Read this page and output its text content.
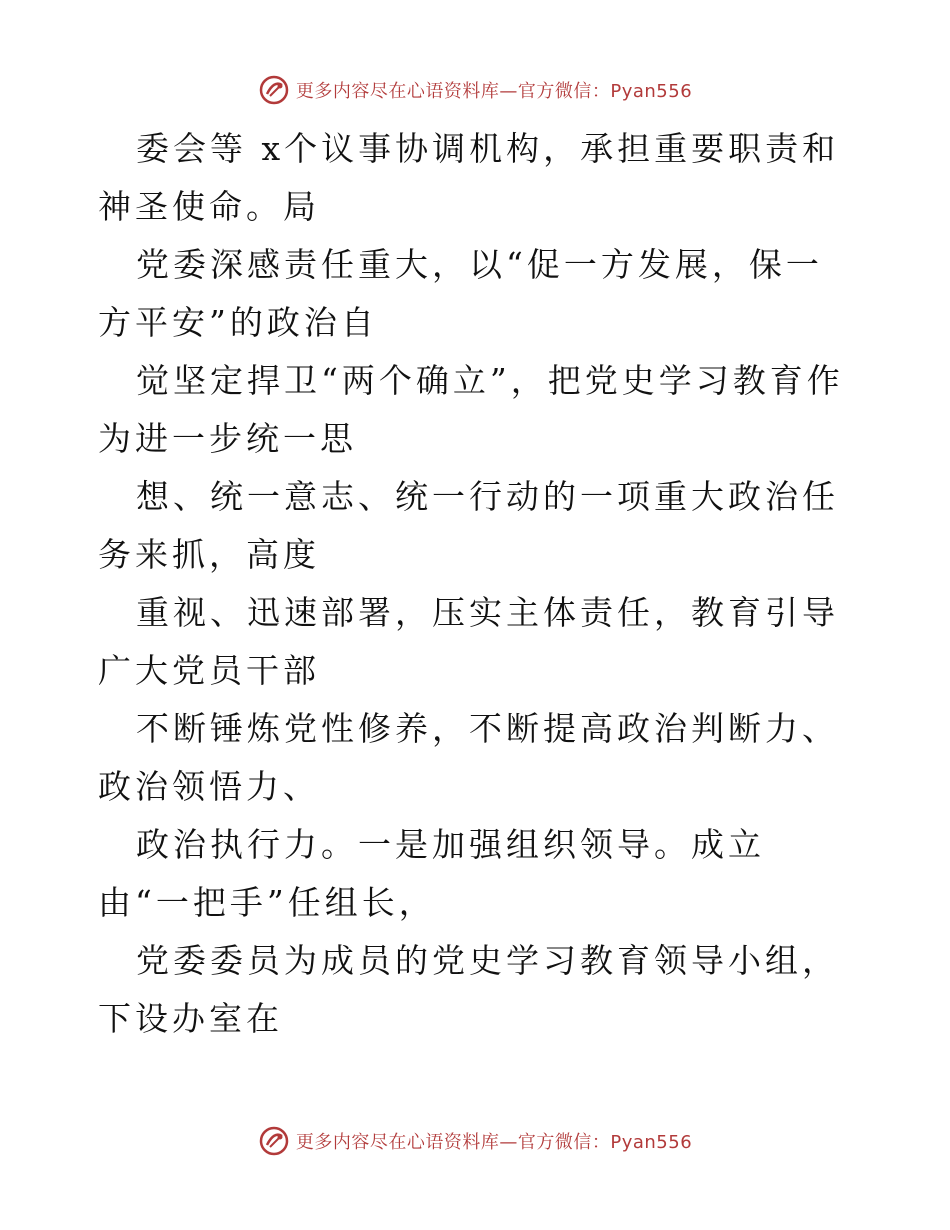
更多内容尽在心语资料库—官方微信：Pyan556

委会等 x个议事协调机构，承担重要职责和神圣使命。局

党委深感责任重大，以“促一方发展，保一方平安”的政治自

觉坚定捍卫“两个确立”，把党史学习教育作为进一步统一思

想、统一意志、统一行动的一项重大政治任务来抓，高度

重视、迅速部署，压实主体责任，教育引导广大党员干部

不断锤炼党性修养，不断提高政治判断力、政治领悟力、

政治执行力。一是加强组织领导。成立由“一把手”任组长，

党委委员为成员的党史学习教育领导小组，下设办室在

更多内容尽在心语资料库—官方微信：Pyan556
